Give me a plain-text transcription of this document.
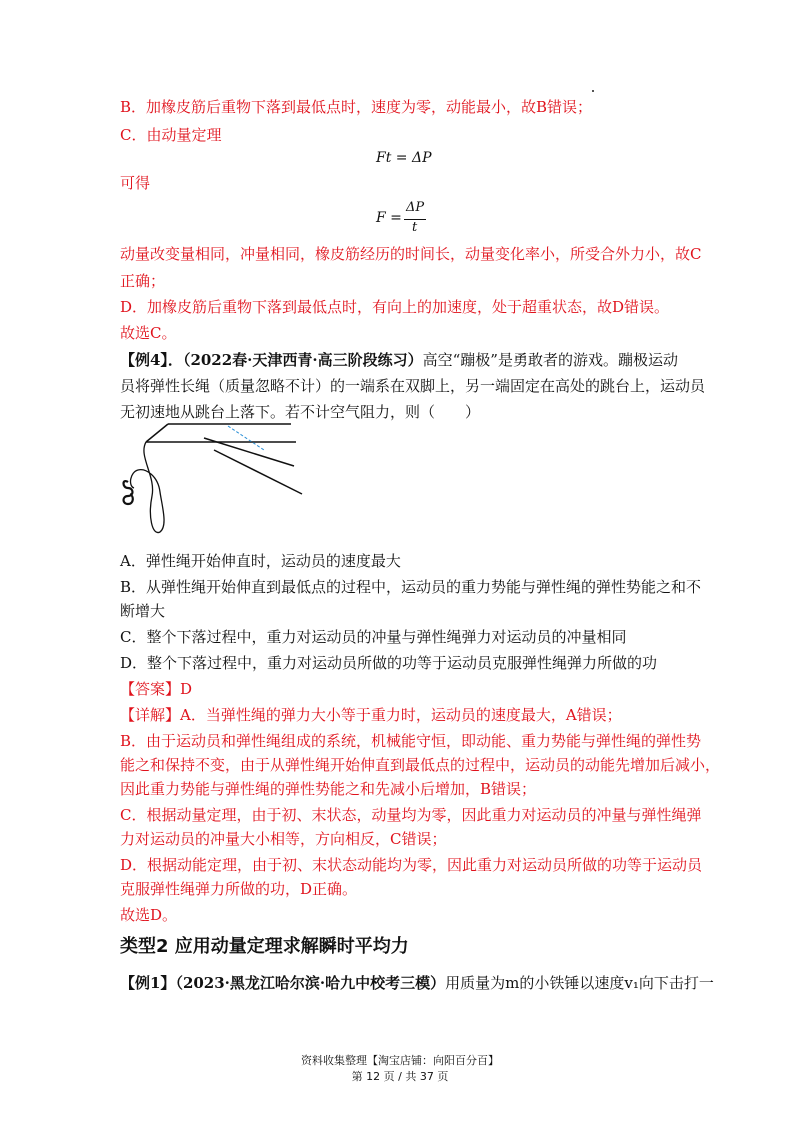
B．加橡皮筋后重物下落到最低点时，速度为零，动能最小，故B错误；
C．由动量定理
Ft = ΔP
可得
F =
ΔP
t
动量改变量相同，冲量相同，橡皮筋经历的时间长，动量变化率小，所受合外力小，故C
正确；
D．加橡皮筋后重物下落到最低点时，有向上的加速度，处于超重状态，故D错误。
故选C。
【例4】．（2022春·天津西青·高三阶段练习）高空“蹦极”是勇敢者的游戏。蹦极运动
员将弹性长绳（质量忽略不计）的一端系在双脚上，另一端固定在高处的跳台上，运动员
无初速地从跳台上落下。若不计空气阻力，则（　　）
A．弹性绳开始伸直时，运动员的速度最大
B．从弹性绳开始伸直到最低点的过程中，运动员的重力势能与弹性绳的弹性势能之和不
断增大
C．整个下落过程中，重力对运动员的冲量与弹性绳弹力对运动员的冲量相同
D．整个下落过程中，重力对运动员所做的功等于运动员克服弹性绳弹力所做的功
【答案】D
【详解】A．当弹性绳的弹力大小等于重力时，运动员的速度最大，A错误；
B．由于运动员和弹性绳组成的系统，机械能守恒，即动能、重力势能与弹性绳的弹性势
能之和保持不变，由于从弹性绳开始伸直到最低点的过程中，运动员的动能先增加后减小，
因此重力势能与弹性绳的弹性势能之和先减小后增加，B错误；
C．根据动量定理，由于初、末状态，动量均为零，因此重力对运动员的冲量与弹性绳弹
力对运动员的冲量大小相等，方向相反，C错误；
D．根据动能定理，由于初、末状态动能均为零，因此重力对运动员所做的功等于运动员
克服弹性绳弹力所做的功，D正确。
故选D。
类型2 应用动量定理求解瞬时平均力
【例1】（2023·黑龙江哈尔滨·哈九中校考三模）用质量为m的小铁锤以速度v₁向下击打一
资料收集整理【淘宝店铺：向阳百分百】
第 12 页 / 共 37 页
